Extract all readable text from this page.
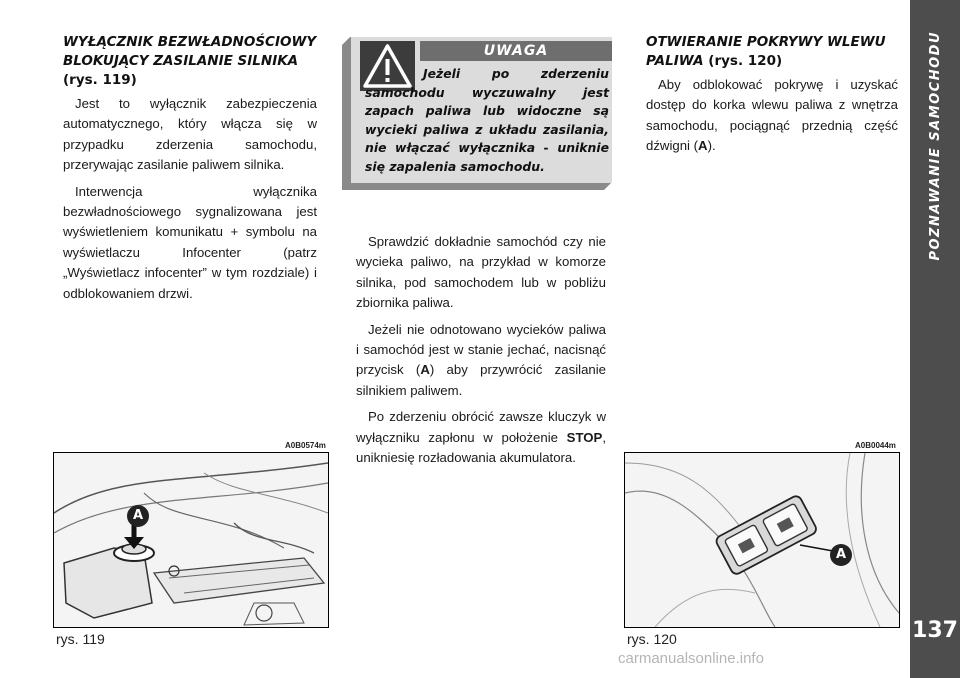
WYŁĄCZNIK BEZWŁADNOŚCIOWY BLOKUJĄCY ZASILANIE SILNIKA
(rys. 119)

Jest to wyłącznik zabezpieczenia automatycznego, który włącza się w przypadku zderzenia samochodu, przerywając zasilanie paliwem silnika.

Interwencja wyłącznika bezwładnościowego sygnalizowana jest wyświetleniem komunikatu + symbolu na wyświetlaczu Infocenter (patrz „Wyświetlacz infocenter” w tym rozdziale) i odblokowaniem drzwi.

UWAGA
Jeżeli po zderzeniu samochodu wyczuwalny jest zapach paliwa lub widoczne są wycieki paliwa z układu zasilania, nie włączać wyłącznika - uniknie się zapalenia samochodu.

Sprawdzić dokładnie samochód czy nie wycieka paliwo, na przykład w komorze silnika, pod samochodem lub w pobliżu zbiornika paliwa.

Jeżeli nie odnotowano wycieków paliwa i samochód jest w stanie jechać, nacisnąć przycisk (A) aby przywrócić zasilanie silnikiem paliwem.

Po zderzeniu obrócić zawsze kluczyk w wyłączniku zapłonu w położenie STOP, unikniesię rozładowania akumulatora.

OTWIERANIE POKRYWY WLEWU PALIWA (rys. 120)

Aby odblokować pokrywę i uzyskać dostęp do korka wlewu paliwa z wnętrza samochodu, pociągnąć przednią część dźwigni (A).

A0B0574m
A
rys. 119
A0B0044m
A
rys. 120
POZNAWANIE SAMOCHODU
137
carmanualsonline.info
